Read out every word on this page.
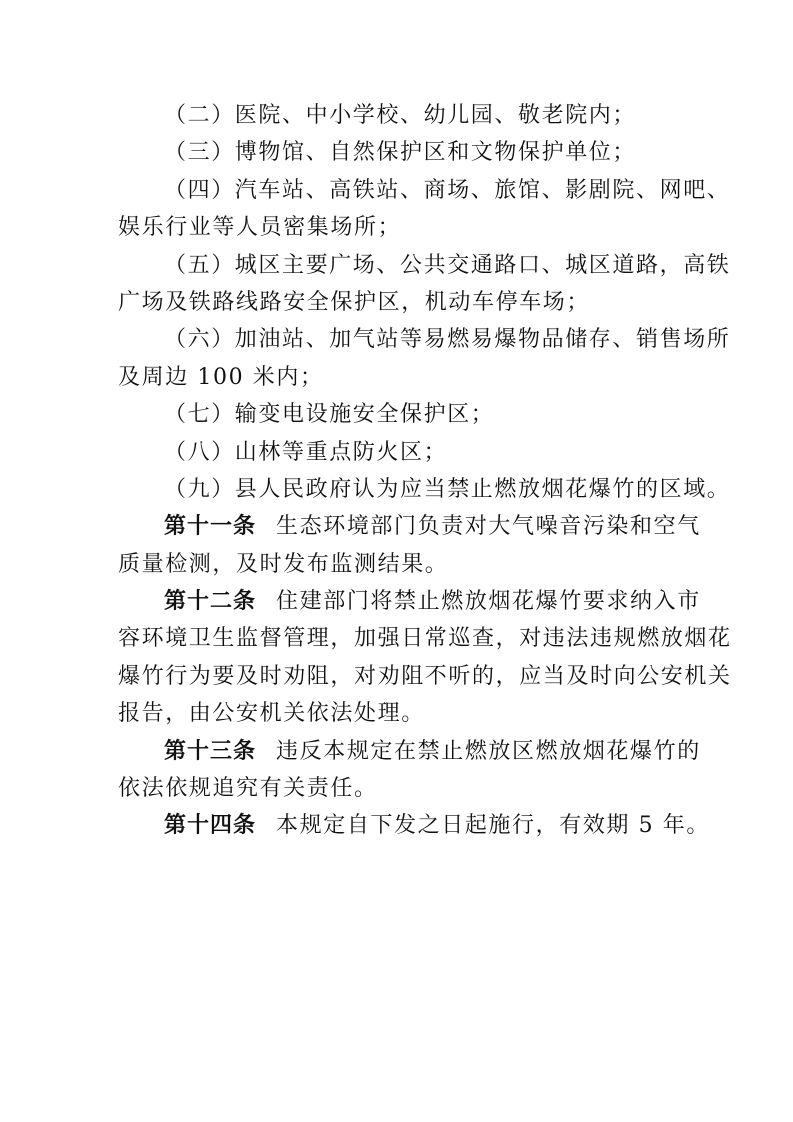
（二）医院、中小学校、幼儿园、敬老院内；
（三）博物馆、自然保护区和文物保护单位；
（四）汽车站、高铁站、商场、旅馆、影剧院、网吧、
娱乐行业等人员密集场所；
（五）城区主要广场、公共交通路口、城区道路，高铁
广场及铁路线路安全保护区，机动车停车场；
（六）加油站、加气站等易燃易爆物品储存、销售场所
及周边 100 米内；
（七）输变电设施安全保护区；
（八）山林等重点防火区；
（九）县人民政府认为应当禁止燃放烟花爆竹的区域。
第十一条 生态环境部门负责对大气噪音污染和空气
质量检测，及时发布监测结果。
第十二条 住建部门将禁止燃放烟花爆竹要求纳入市
容环境卫生监督管理，加强日常巡查，对违法违规燃放烟花
爆竹行为要及时劝阻，对劝阻不听的，应当及时向公安机关
报告，由公安机关依法处理。
第十三条 违反本规定在禁止燃放区燃放烟花爆竹的
依法依规追究有关责任。
第十四条 本规定自下发之日起施行，有效期 5 年。
